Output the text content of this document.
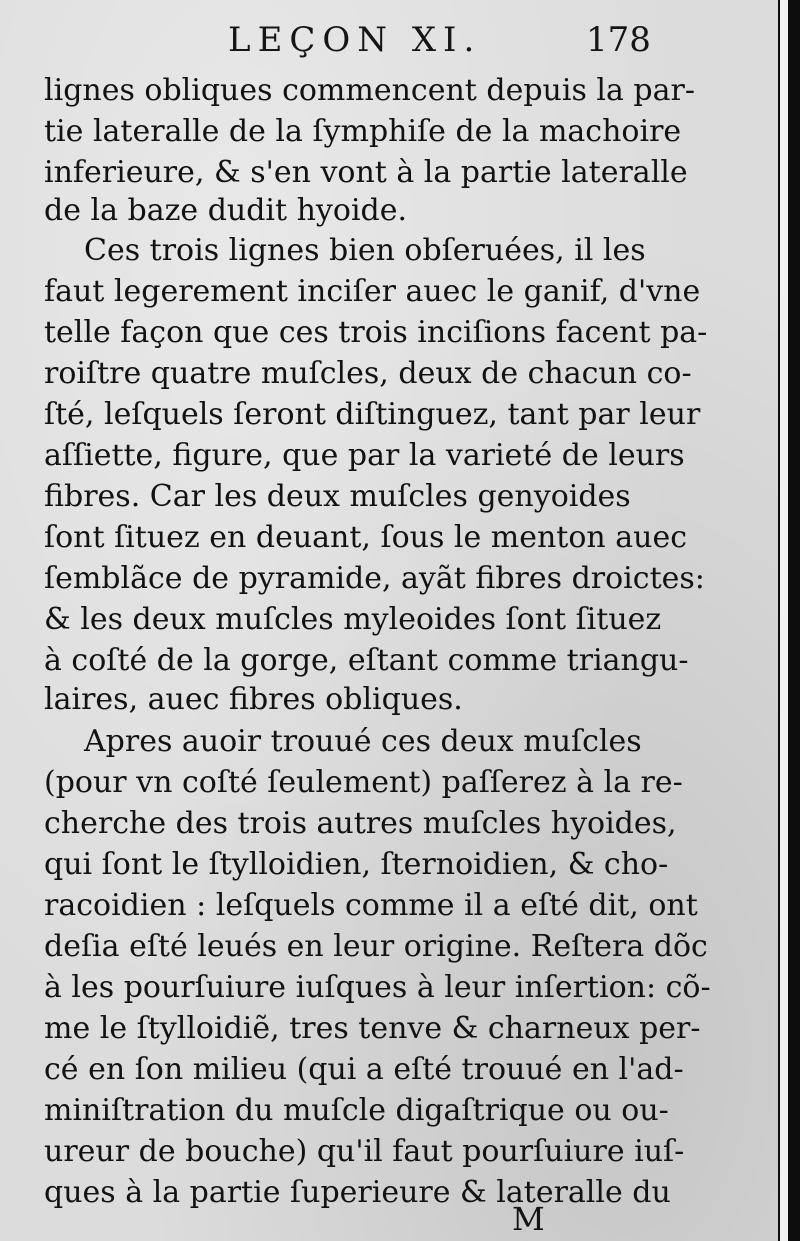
LEÇON XI.	178
lignes obliques commencent depuis la par-
tie lateralle de la ſymphiſe de la machoire
inferieure, & s'en vont à la partie lateralle
de la baze dudit hyoide.
Ces trois lignes bien obſeruées, il les
faut legerement inciſer auec le ganif, d'vne
telle façon que ces trois inciſions facent pa-
roiſtre quatre muſcles, deux de chacun co-
ſté, leſquels ſeront diſtinguez, tant par leur
aſſiette, figure, que par la varieté de leurs
fibres. Car les deux muſcles genyoides
ſont ſituez en deuant, ſous le menton auec
ſemblãce de pyramide, ayãt fibres droictes:
& les deux muſcles myleoides ſont ſituez
à coſté de la gorge, eſtant comme triangu-
laires, auec fibres obliques.
Apres auoir trouué ces deux muſcles
(pour vn coſté ſeulement) paſſerez à la re-
cherche des trois autres muſcles hyoides,
qui ſont le ſtylloidien, ſternoidien, & cho-
racoidien : leſquels comme il a eſté dit, ont
deſia eſté leués en leur origine. Reſtera dõc
à les pourſuiure iuſques à leur inſertion: cõ-
me le ſtylloidiẽ, tres tenve & charneux per-
cé en ſon milieu (qui a eſté trouué en l'ad-
miniſtration du muſcle digaſtrique ou ou-
ureur de bouche) qu'il faut pourſuiure iuſ-
ques à la partie ſuperieure & lateralle du
M
